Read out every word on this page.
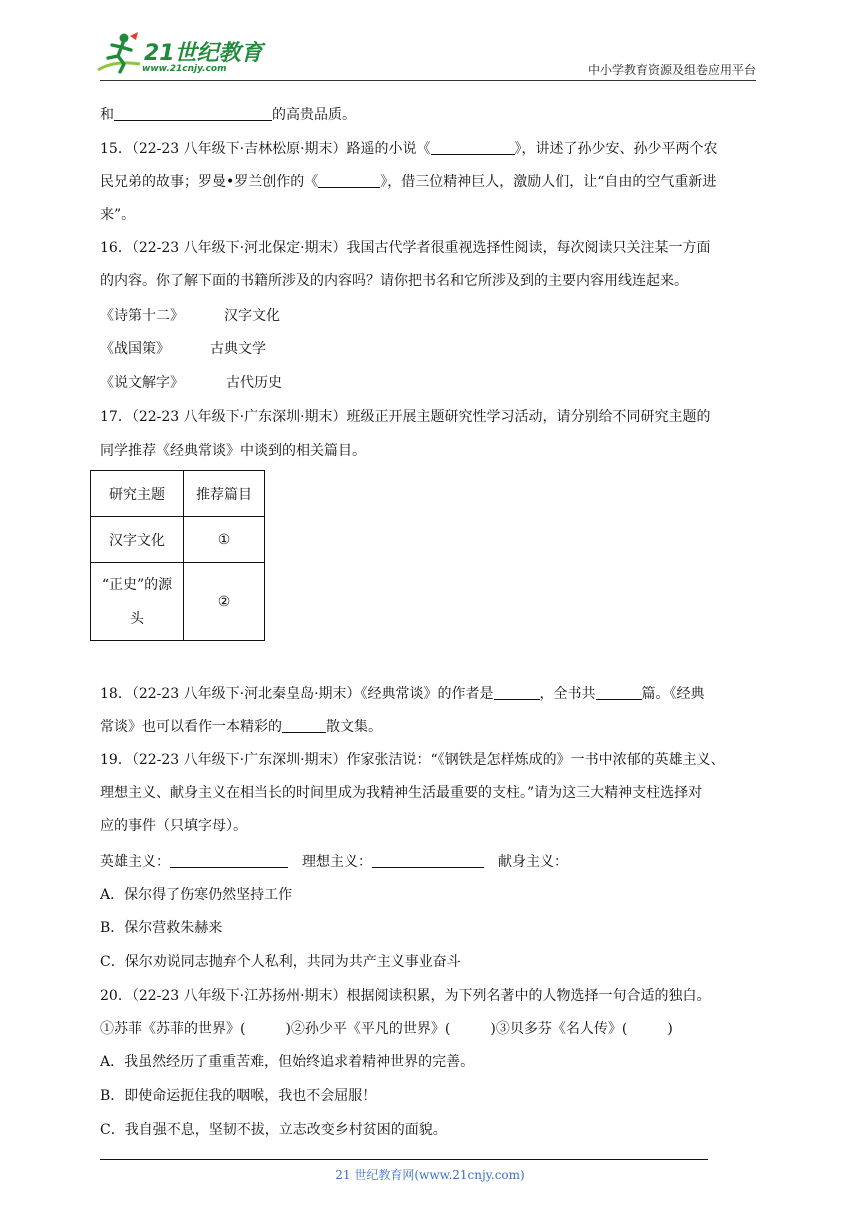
21世纪教育
www.21cnjy.com	中小学教育资源及组卷应用平台
和	的高贵品质。
15．（22-23 八年级下·吉林松原·期末）路遥的小说《	》，讲述了孙少安、孙少平两个农
民兄弟的故事；罗曼•罗兰创作的《	》，借三位精神巨人，激励人们，让“自由的空气重新进
来”。
16．（22-23 八年级下·河北保定·期末）我国古代学者很重视选择性阅读，每次阅读只关注某一方面
的内容。你了解下面的书籍所涉及的内容吗？请你把书名和它所涉及到的主要内容用线连起来。
《诗第十二》	汉字文化
《战国策》	古典文学
《说文解字》	古代历史
17．（22-23 八年级下·广东深圳·期末）班级正开展主题研究性学习活动，请分别给不同研究主题的
同学推荐《经典常谈》中谈到的相关篇目。
18．（22-23 八年级下·河北秦皇岛·期末）《经典常谈》的作者是	，全书共	篇。《经典
常谈》也可以看作一本精彩的	散文集。
19．（22-23 八年级下·广东深圳·期末）作家张洁说：“《钢铁是怎样炼成的》一书中浓郁的英雄主义、
理想主义、献身主义在相当长的时间里成为我精神生活最重要的支柱。”请为这三大精神支柱选择对
应的事件（只填字母）。
英雄主义：	理想主义：	献身主义：
A．保尔得了伤寒仍然坚持工作
B．保尔营救朱赫来
C．保尔劝说同志抛弃个人私利，共同为共产主义事业奋斗
20．（22-23 八年级下·江苏扬州·期末）根据阅读积累，为下列名著中的人物选择一句合适的独白。
①苏菲《苏菲的世界》(	)②孙少平《平凡的世界》(	)③贝多芬《名人传》(	)
A．我虽然经历了重重苦难，但始终追求着精神世界的完善。
B．即使命运扼住我的咽喉，我也不会屈服！
C．我自强不息，坚韧不拔，立志改变乡村贫困的面貌。
研究主题	推荐篇目
汉字文化	①

“正史”的源头	②
21 世纪教育网(www.21cnjy.com)
